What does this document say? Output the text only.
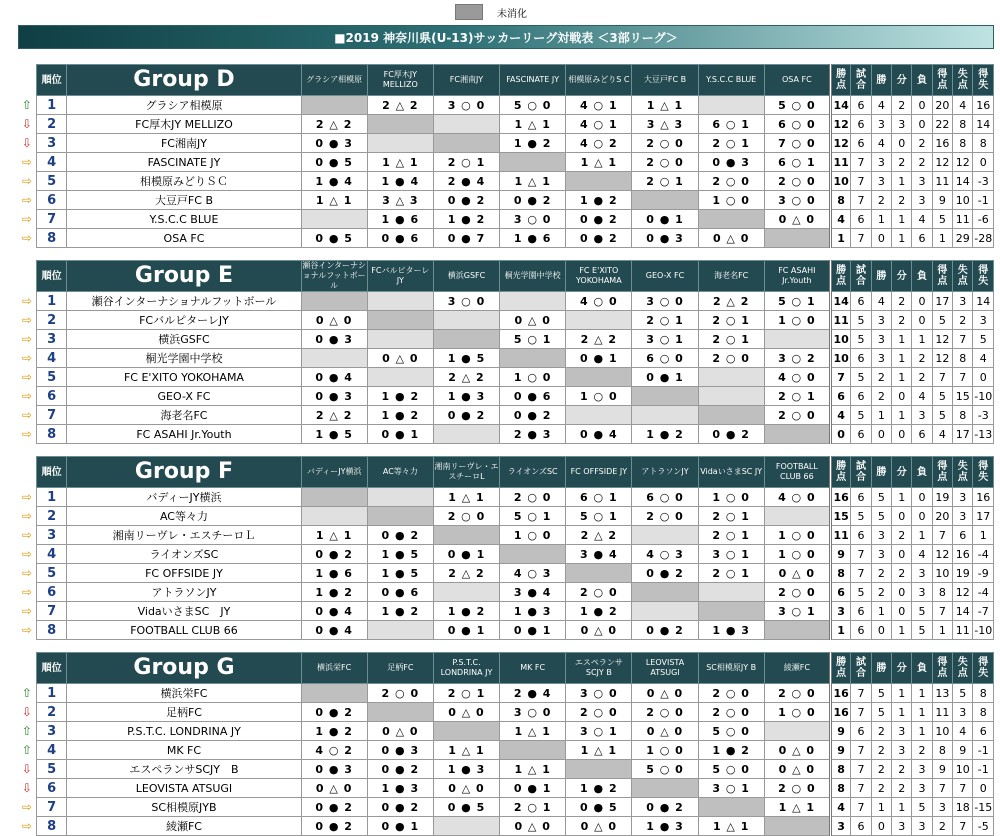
未消化
■2019 神奈川県(U-13)サッカーリーグ対戦表 ＜3部リーグ＞
	順位	Group D	グラシア相模原	FC厚木JY MELLIZO	FC湘南JY	FASCINATE JY	相模原みどりS C	大豆戸FC B	Y.S.C.C BLUE	OSA FC	勝点	試合	勝	分	負	得点	失点	得失
⇧	1	グラシア相模原		2 △ 2	3 ○ 0	5 ○ 0	4 ○ 1	1 △ 1		5 ○ 0	14	6	4	2	0	20	4	16
⇩	2	FC厚木JY MELLIZO	2 △ 2			1 △ 1	4 ○ 1	3 △ 3	6 ○ 1	6 ○ 0	12	6	3	3	0	22	8	14
⇩	3	FC湘南JY	0 ● 3			1 ● 2	4 ○ 2	2 ○ 0	2 ○ 1	7 ○ 0	12	6	4	0	2	16	8	8
⇨	4	FASCINATE JY	0 ● 5	1 △ 1	2 ○ 1		1 △ 1	2 ○ 0	0 ● 3	6 ○ 1	11	7	3	2	2	12	12	0
⇨	5	相模原みどりＳＣ	1 ● 4	1 ● 4	2 ● 4	1 △ 1		2 ○ 1	2 ○ 0	2 ○ 0	10	7	3	1	3	11	14	-3
⇨	6	大豆戸FC B	1 △ 1	3 △ 3	0 ● 2	0 ● 2	1 ● 2		1 ○ 0	3 ○ 0	8	7	2	2	3	9	10	-1
⇨	7	Y.S.C.C BLUE		1 ● 6	1 ● 2	3 ○ 0	0 ● 2	0 ● 1		0 △ 0	4	6	1	1	4	5	11	-6
⇨	8	OSA FC	0 ● 5	0 ● 6	0 ● 7	1 ● 6	0 ● 2	0 ● 3	0 △ 0		1	7	0	1	6	1	29	-28
	順位	Group E	瀬谷インターナショナルフットボール	FCバルピターレJY	横浜GSFC	桐光学園中学校	FC E'XITO YOKOHAMA	GEO-X FC	海老名FC	FC ASAHI Jr.Youth	勝点	試合	勝	分	負	得点	失点	得失
⇨	1	瀬谷インターナショナルフットボール			3 ○ 0		4 ○ 0	3 ○ 0	2 △ 2	5 ○ 1	14	6	4	2	0	17	3	14
⇨	2	FCバルピターレJY	0 △ 0			0 △ 0		2 ○ 1	2 ○ 1	1 ○ 0	11	5	3	2	0	5	2	3
⇨	3	横浜GSFC	0 ● 3			5 ○ 1	2 △ 2	3 ○ 1	2 ○ 1		10	5	3	1	1	12	7	5
⇨	4	桐光学園中学校		0 △ 0	1 ● 5		0 ● 1	6 ○ 0	2 ○ 0	3 ○ 2	10	6	3	1	2	12	8	4
⇨	5	FC E'XITO YOKOHAMA	0 ● 4		2 △ 2	1 ○ 0		0 ● 1		4 ○ 0	7	5	2	1	2	7	7	0
⇨	6	GEO-X FC	0 ● 3	1 ● 2	1 ● 3	0 ● 6	1 ○ 0			2 ○ 1	6	6	2	0	4	5	15	-10
⇨	7	海老名FC	2 △ 2	1 ● 2	0 ● 2	0 ● 2				2 ○ 0	4	5	1	1	3	5	8	-3
⇨	8	FC ASAHI Jr.Youth	1 ● 5	0 ● 1		2 ● 3	0 ● 4	1 ● 2	0 ● 2		0	6	0	0	6	4	17	-13
	順位	Group F	バディーJY横浜	AC等々力	湘南リーヴレ・エスチーロL	ライオンズSC	FC OFFSIDE JY	アトラソンJY	VidaいさまSC JY	FOOTBALL CLUB 66	勝点	試合	勝	分	負	得点	失点	得失
⇨	1	バディーJY横浜			1 △ 1	2 ○ 0	6 ○ 1	6 ○ 0	1 ○ 0	4 ○ 0	16	6	5	1	0	19	3	16
⇨	2	AC等々力			2 ○ 0	5 ○ 1	5 ○ 1	2 ○ 0	2 ○ 1		15	5	5	0	0	20	3	17
⇨	3	湘南リーヴレ・エスチーロＬ	1 △ 1	0 ● 2		1 ○ 0	2 △ 2		2 ○ 1	1 ○ 0	11	6	3	2	1	7	6	1
⇨	4	ライオンズSC	0 ● 2	1 ● 5	0 ● 1		3 ● 4	4 ○ 3	3 ○ 1	1 ○ 0	9	7	3	0	4	12	16	-4
⇨	5	FC OFFSIDE JY	1 ● 6	1 ● 5	2 △ 2	4 ○ 3		0 ● 2	2 ○ 1	0 △ 0	8	7	2	2	3	10	19	-9
⇨	6	アトラソンJY	1 ● 2	0 ● 6		3 ● 4	2 ○ 0			2 ○ 0	6	5	2	0	3	8	12	-4
⇨	7	VidaいさまSC　JY	0 ● 4	1 ● 2	1 ● 2	1 ● 3	1 ● 2			3 ○ 1	3	6	1	0	5	7	14	-7
⇨	8	FOOTBALL CLUB 66	0 ● 4		0 ● 1	0 ● 1	0 △ 0	0 ● 2	1 ● 3		1	6	0	1	5	1	11	-10
	順位	Group G	横浜栄FC	足柄FC	P.S.T.C. LONDRINA JY	MK FC	エスペランサ SCJY B	LEOVISTA ATSUGI	SC相模原JY B	綾瀬FC	勝点	試合	勝	分	負	得点	失点	得失
⇧	1	横浜栄FC		2 ○ 0	2 ○ 1	2 ● 4	3 ○ 0	0 △ 0	2 ○ 0	2 ○ 0	16	7	5	1	1	13	5	8
⇩	2	足柄FC	0 ● 2		0 △ 0	3 ○ 0	2 ○ 0	2 ○ 0	2 ○ 0	1 ○ 0	16	7	5	1	1	11	3	8
⇧	3	P.S.T.C. LONDRINA JY	1 ● 2	0 △ 0		1 △ 1	3 ○ 1	0 △ 0	5 ○ 0		9	6	2	3	1	10	4	6
⇧	4	MK FC	4 ○ 2	0 ● 3	1 △ 1		1 △ 1	1 ○ 0	1 ● 2	0 △ 0	9	7	2	3	2	8	9	-1
⇩	5	エスペランサSCJY　B	0 ● 3	0 ● 2	1 ● 3	1 △ 1		5 ○ 0	5 ○ 0	0 △ 0	8	7	2	2	3	9	10	-1
⇩	6	LEOVISTA ATSUGI	0 △ 0	1 ● 3	0 △ 0	0 ● 1	1 ● 2		3 ○ 1	2 ○ 0	8	7	2	2	3	7	7	0
⇨	7	SC相模原JYB	0 ● 2	0 ● 2	0 ● 5	2 ○ 1	0 ● 5	0 ● 2		1 △ 1	4	7	1	1	5	3	18	-15
⇨	8	綾瀬FC	0 ● 2	0 ● 1		0 △ 0	0 △ 0	1 ● 3	1 △ 1		3	6	0	3	3	2	7	-5
